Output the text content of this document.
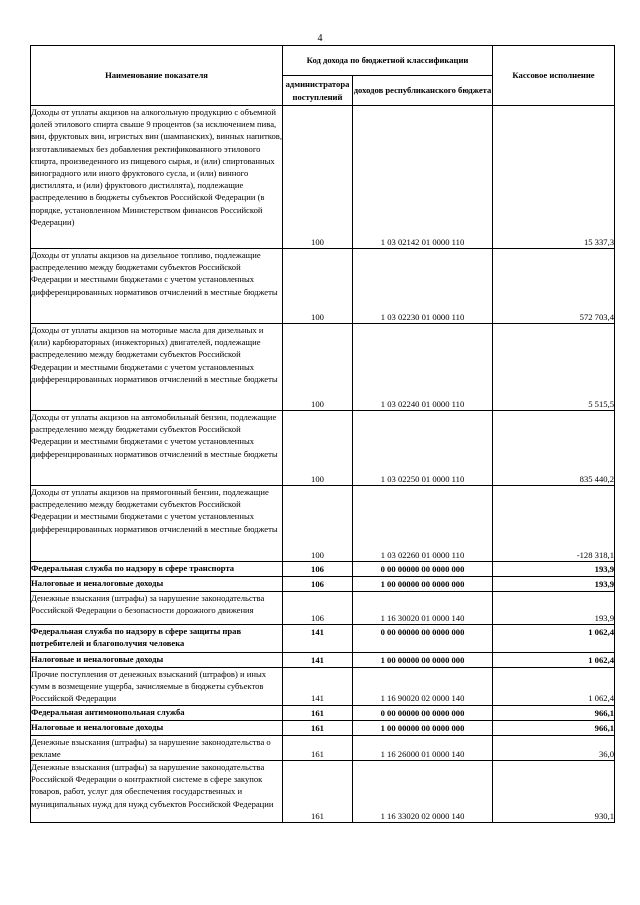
4
Наименование показателя	Код дохода по бюджетной классификации		Кассовое исполнение
	администратора поступлений	доходов республиканского бюджета	
Доходы от уплаты акцизов на алкогольную продукцию с объемной долей этилового спирта свыше 9 процентов (за исключением пива, вин, фруктовых вин, игристых вин (шампанских), винных напитков, изготавливаемых без добавления ректификованного этилового спирта, произведенного из пищевого сырья, и (или) спиртованных виноградного или иного фруктового сусла, и (или) винного дистиллята, и (или) фруктового дистиллята), подлежащие распределению в бюджеты субъектов Российской Федерации (в порядке, установленном Министерством финансов Российской Федерации)	100	1 03 02142 01 0000 110	15 337,3
Доходы от уплаты акцизов на дизельное топливо, подлежащие распределению между бюджетами субъектов Российской Федерации и местными бюджетами с учетом установленных дифференцированных нормативов отчислений в местные бюджеты	100	1 03 02230 01 0000 110	572 703,4
Доходы от уплаты акцизов на моторные масла для дизельных и (или) карбюраторных (инжекторных) двигателей, подлежащие распределению между бюджетами субъектов Российской Федерации и местными бюджетами с учетом установленных дифференцированных нормативов отчислений в местные бюджеты	100	1 03 02240 01 0000 110	5 515,5
Доходы от уплаты акцизов на автомобильный бензин, подлежащие распределению между бюджетами субъектов Российской Федерации и местными бюджетами с учетом установленных дифференцированных нормативов отчислений в местные бюджеты	100	1 03 02250 01 0000 110	835 440,2
Доходы от уплаты акцизов на прямогонный бензин, подлежащие распределению между бюджетами субъектов Российской Федерации и местными бюджетами с учетом установленных дифференцированных нормативов отчислений в местные бюджеты	100	1 03 02260 01 0000 110	-128 318,1
Федеральная служба по надзору в сфере транспорта	106	0 00 00000 00 0000 000	193,9
Налоговые и неналоговые доходы	106	1 00 00000 00 0000 000	193,9
Денежные взыскания (штрафы) за нарушение законодательства Российской Федерации о безопасности дорожного движения	106	1 16 30020 01 0000 140	193,9
Федеральная служба по надзору в сфере защиты прав потребителей и благополучия человека	141	0 00 00000 00 0000 000	1 062,4
Налоговые и неналоговые доходы	141	1 00 00000 00 0000 000	1 062,4
Прочие поступления от денежных взысканий (штрафов) и иных сумм в возмещение ущерба, зачисляемые в бюджеты субъектов Российской Федерации	141	1 16 90020 02 0000 140	1 062,4
Федеральная антимонопольная служба	161	0 00 00000 00 0000 000	966,1
Налоговые и неналоговые доходы	161	1 00 00000 00 0000 000	966,1
Денежные взыскания (штрафы) за нарушение законодательства о рекламе	161	1 16 26000 01 0000 140	36,0
Денежные взыскания (штрафы) за нарушение законодательства Российской Федерации о контрактной системе в сфере закупок товаров, работ, услуг для обеспечения государственных и муниципальных нужд для нужд субъектов Российской Федерации	161	1 16 33020 02 0000 140	930,1
